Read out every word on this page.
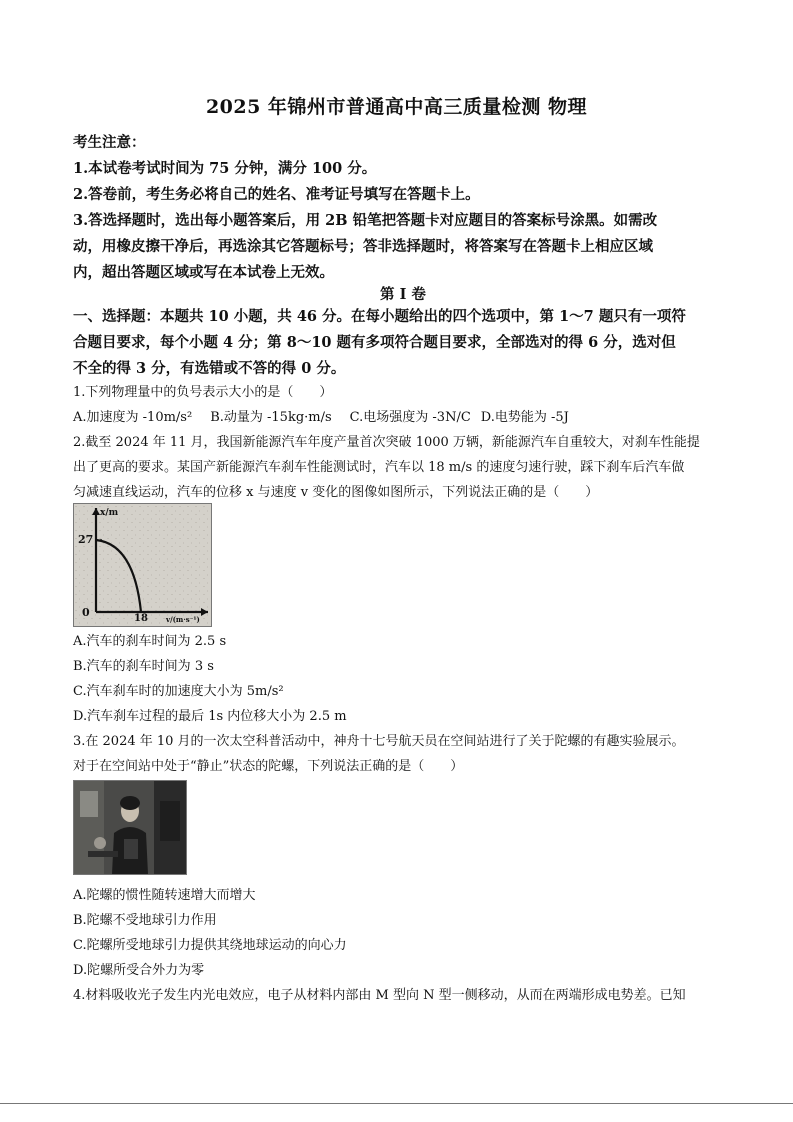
2025 年锦州市普通高中高三质量检测 物理
考生注意：
1.本试卷考试时间为 75 分钟，满分 100 分。
2.答卷前，考生务必将自己的姓名、准考证号填写在答题卡上。
3.答选择题时，选出每小题答案后，用 2B 铅笔把答题卡对应题目的答案标号涂黑。如需改
动，用橡皮擦干净后，再选涂其它答题标号；答非选择题时，将答案写在答题卡上相应区域
内，超出答题区域或写在本试卷上无效。
第 Ⅰ 卷
一、选择题：本题共 10 小题，共 46 分。在每小题给出的四个选项中，第 1～7 题只有一项符
合题目要求，每个小题 4 分；第 8～10 题有多项符合题目要求，全部选对的得 6 分，选对但
不全的得 3 分，有选错或不答的得 0 分。
1.下列物理量中的负号表示大小的是（　　）
A.加速度为 -10m/s² B.动量为 -15kg·m/s C.电场强度为 -3N/C D.电势能为 -5J
2.截至 2024 年 11 月，我国新能源汽车年度产量首次突破 1000 万辆，新能源汽车自重较大，对刹车性能提
出了更高的要求。某国产新能源汽车刹车性能测试时，汽车以 18 m/s 的速度匀速行驶，踩下刹车后汽车做
匀减速直线运动，汽车的位移 x 与速度 v 变化的图像如图所示，下列说法正确的是（　　）
x/m
27
0	18	v/(m·s⁻¹)
A.汽车的刹车时间为 2.5 s
B.汽车的刹车时间为 3 s
C.汽车刹车时的加速度大小为 5m/s²
D.汽车刹车过程的最后 1s 内位移大小为 2.5 m
3.在 2024 年 10 月的一次太空科普活动中，神舟十七号航天员在空间站进行了关于陀螺的有趣实验展示。
对于在空间站中处于“静止”状态的陀螺，下列说法正确的是（　　）
A.陀螺的惯性随转速增大而增大
B.陀螺不受地球引力作用
C.陀螺所受地球引力提供其绕地球运动的向心力
D.陀螺所受合外力为零
4.材料吸收光子发生内光电效应，电子从材料内部由 M 型向 N 型一侧移动，从而在两端形成电势差。已知
